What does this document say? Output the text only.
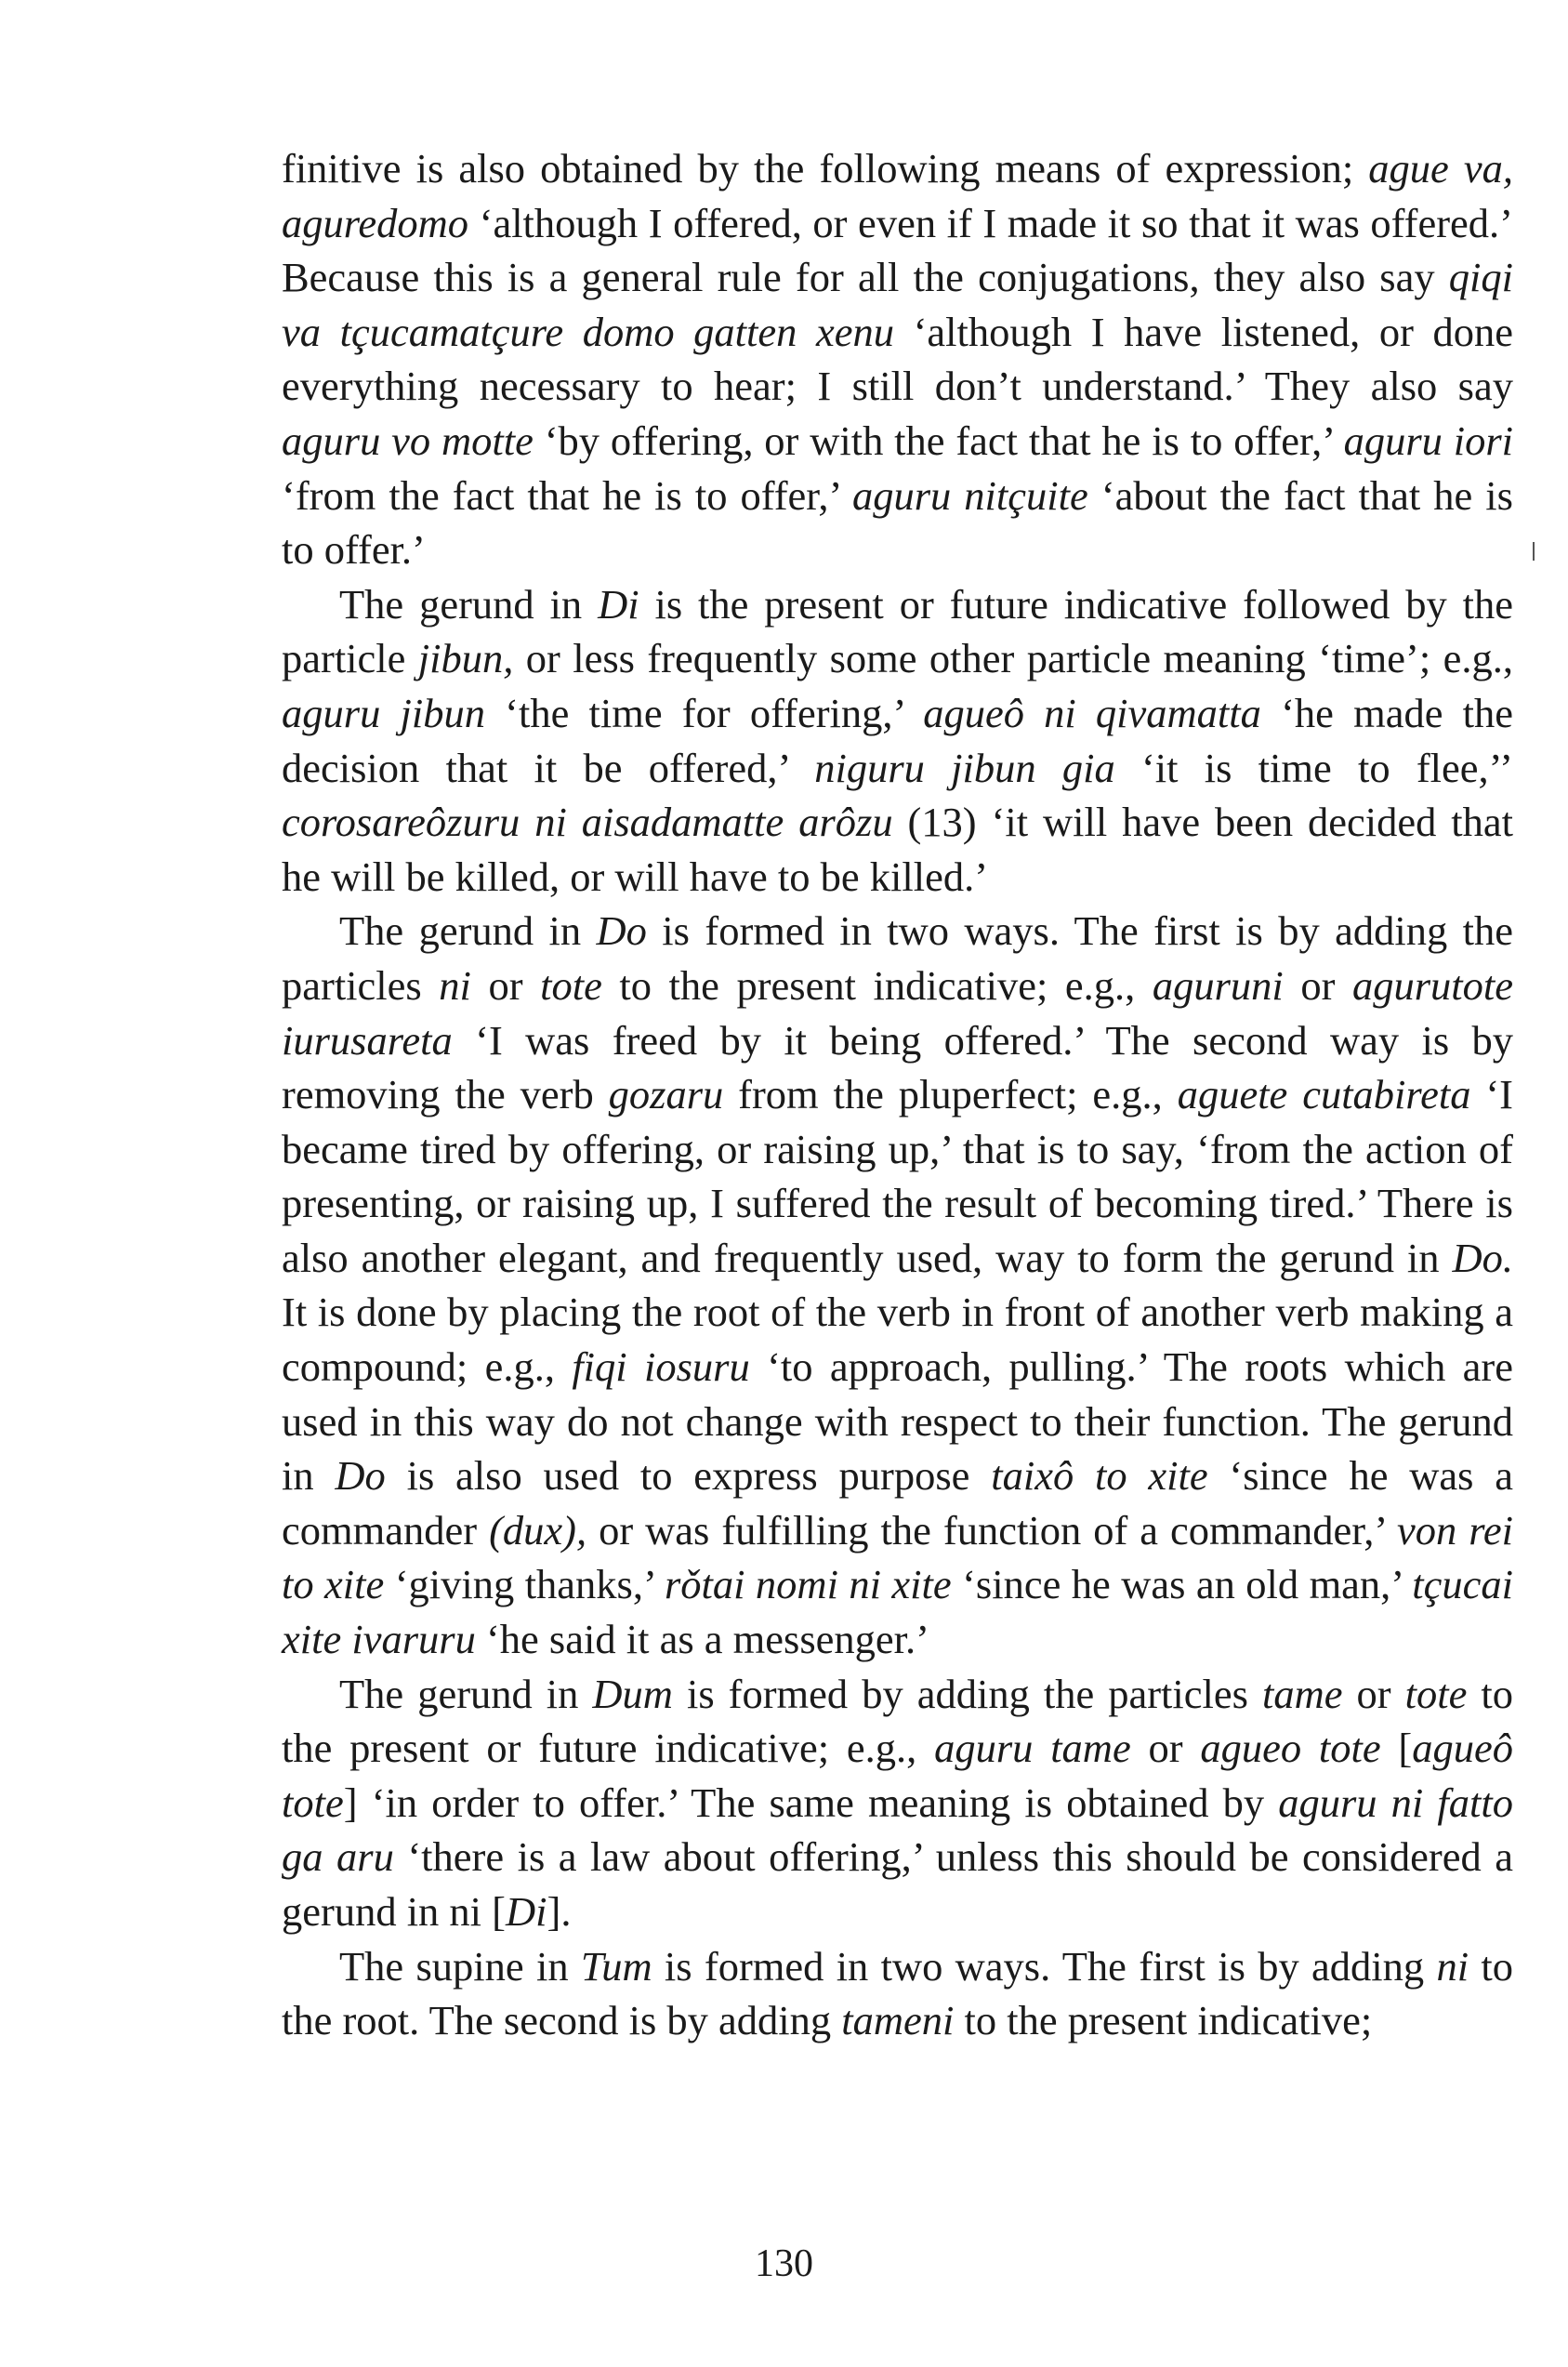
finitive is also obtained by the following means of expression; ague va, aguredomo ‘although I offered, or even if I made it so that it was offered.’ Because this is a general rule for all the conjugations, they also say qiqi va tçucamatçure domo gatten xenu ‘although I have listened, or done everything necessary to hear; I still don’t understand.’ They also say aguru vo motte ‘by offering, or with the fact that he is to offer,’ aguru iori ‘from the fact that he is to offer,’ aguru nitçuite ‘about the fact that he is to offer.’

The gerund in Di is the present or future indicative followed by the particle jibun, or less frequently some other particle meaning ‘time’; e.g., aguru jibun ‘the time for offering,’ agueô ni qivamatta ‘he made the decision that it be offered,’ niguru jibun gia ‘it is time to flee,’’ corosareôzuru ni aisadamatte arôzu (13) ‘it will have been decided that he will be killed, or will have to be killed.’

The gerund in Do is formed in two ways. The first is by adding the particles ni or tote to the present indicative; e.g., aguruni or agurutote iurusareta ‘I was freed by it being offered.’ The second way is by removing the verb gozaru from the pluperfect; e.g., aguete cutabireta ‘I became tired by offering, or raising up,’ that is to say, ‘from the action of presenting, or raising up, I suffered the result of becoming tired.’ There is also another elegant, and frequently used, way to form the gerund in Do. It is done by placing the root of the verb in front of another verb making a compound; e.g., fiqi iosuru ‘to approach, pulling.’ The roots which are used in this way do not change with respect to their function. The gerund in Do is also used to express purpose taixô to xite ‘since he was a commander (dux), or was fulfilling the function of a commander,’ von rei to xite ‘giving thanks,’ rǒtai nomi ni xite ‘since he was an old man,’ tçucai xite ivaruru ‘he said it as a messenger.’

The gerund in Dum is formed by adding the particles tame or tote to the present or future indicative; e.g., aguru tame or agueo tote [agueô tote] ‘in order to offer.’ The same meaning is obtained by aguru ni fatto ga aru ‘there is a law about offering,’ unless this should be considered a gerund in ni [Di].

The supine in Tum is formed in two ways. The first is by adding ni to the root. The second is by adding tameni to the present indicative;

130
